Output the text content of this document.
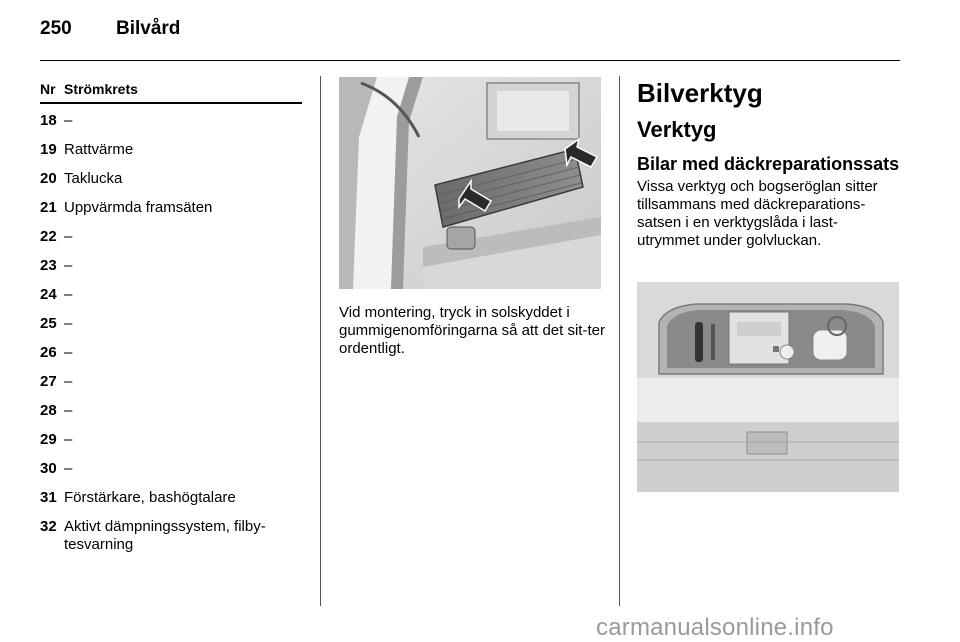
250 Bilvård
Nr Strömkrets
18 –
19 Rattvärme
20 Taklucka
21 Uppvärmda framsäten
22 –
23 –
24 –
25 –
26 –
27 –
28 –
29 –
30 –
31 Förstärkare, bashögtalare
32 Aktivt dämpningssystem, filby-tesvarning
Vid montering, tryck in solskyddet i gummigenomföringarna så att det sit-ter ordentligt.
Bilverktyg
Verktyg
Bilar med däckreparationssats
Vissa verktyg och bogseröglan sitter
tillsammans med däckreparations-
satsen i en verktygslåda i last-
utrymmet under golvluckan.
carmanualsonline.info
